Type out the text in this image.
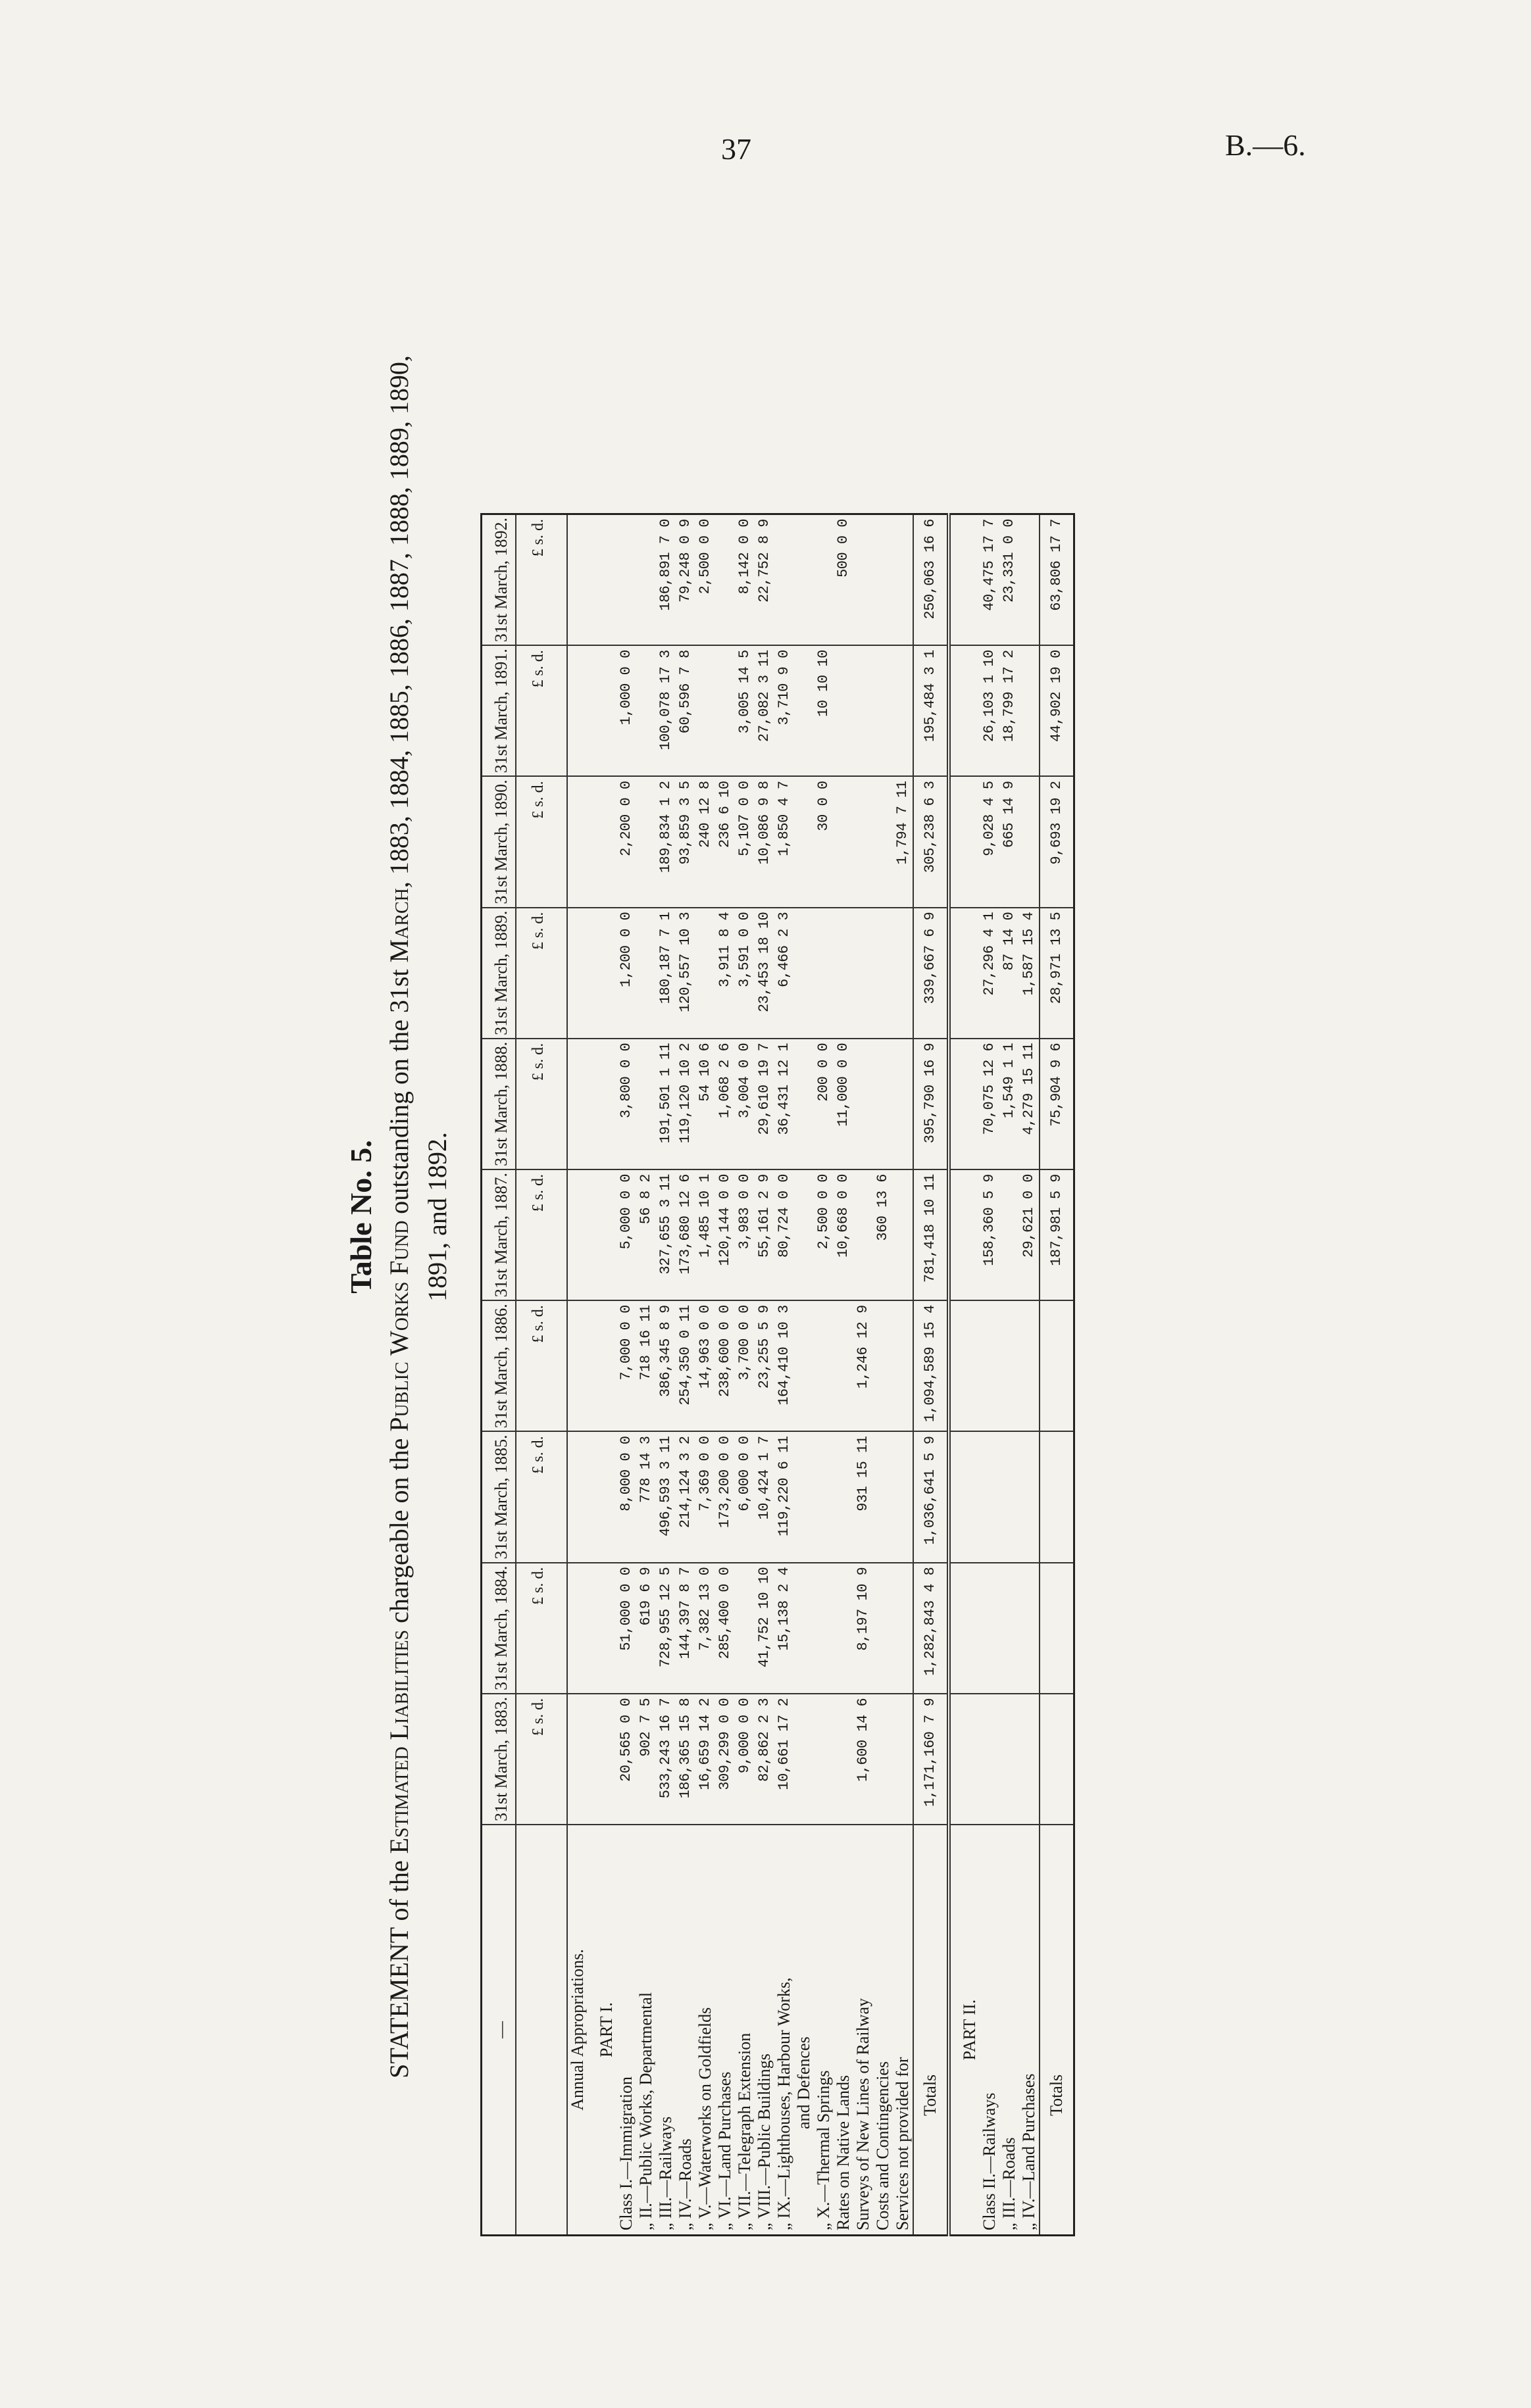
37	B.—6.
Table No. 5.
STATEMENT of the Estimated Liabilities chargeable on the Public Works Fund outstanding on the 31st March, 1883, 1884, 1885, 1886, 1887, 1888, 1889, 1890,
1891, and 1892.
—	31st March, 1883.	31st March, 1884.	31st March, 1885.	31st March, 1886.	31st March, 1887.	31st March, 1888.	31st March, 1889.	31st March, 1890.	31st March, 1891.	31st March, 1892.
	£ s. d.	£ s. d.	£ s. d.	£ s. d.	£ s. d.	£ s. d.	£ s. d.	£ s. d.	£ s. d.	£ s. d.
Annual Appropriations.										
PART I.										
Class I.—Immigration	20,565 0 0	51,000 0 0	8,000 0 0	7,000 0 0	5,000 0 0	3,800 0 0	1,200 0 0	2,200 0 0	1,000 0 0	
„ II.—Public Works, Departmental	902 7 5	619 6 9	778 14 3	718 16 11	56 8 2					
„ III.—Railways	533,243 16 7	728,955 12 5	496,593 3 11	386,345 8 9	327,655 3 11	191,501 1 11	180,187 7 1	189,834 1 2	100,078 17 3	186,891 7 0
„ IV.—Roads	186,365 15 8	144,397 8 7	214,124 3 2	254,350 0 11	173,680 12 6	119,120 10 2	120,557 10 3	93,859 3 5	60,596 7 8	79,248 0 9
„ V.—Waterworks on Goldfields	16,659 14 2	7,382 13 0	7,369 0 0	14,963 0 0	1,485 10 1	54 10 6		240 12 8		2,500 0 0
„ VI.—Land Purchases	309,299 0 0	285,400 0 0	173,200 0 0	238,600 0 0	120,144 0 0	1,068 2 6	3,911 8 4	236 6 10		
„ VII.—Telegraph Extension	9,000 0 0		6,000 0 0	3,700 0 0	3,983 0 0	3,004 0 0	3,591 0 0	5,107 0 0	3,005 14 5	8,142 0 0
„ VIII.—Public Buildings	82,862 2 3	41,752 10 10	10,424 1 7	23,255 5 9	55,161 2 9	29,610 19 7	23,453 18 10	10,086 9 8	27,082 3 11	22,752 8 9
„ IX.—Lighthouses, Harbour Works,	10,661 17 2	15,138 2 4	119,220 6 11	164,410 10 3	80,724 0 0	36,431 12 1	6,466 2 3	1,850 4 7	3,710 9 0	
and Defences										
„ X.—Thermal Springs					2,500 0 0	200 0 0		30 0 0	10 10 10	
Rates on Native Lands					10,668 0 0	11,000 0 0				500 0 0
Surveys of New Lines of Railway	1,600 14 6	8,197 10 9	931 15 11	1,246 12 9						
Costs and Contingencies					360 13 6					
Services not provided for								1,794 7 11		
Totals	1,171,160 7 9	1,282,843 4 8	1,036,641 5 9	1,094,589 15 4	781,418 10 11	395,790 16 9	339,667 6 9	305,238 6 3	195,484 3 1	250,063 16 6
PART II.										
Class II.—Railways					158,360 5 9	70,075 12 6	27,296 4 1	9,028 4 5	26,103 1 10	40,475 17 7
„ III.—Roads						1,549 1 1	87 14 0	665 14 9	18,799 17 2	23,331 0 0
„ IV.—Land Purchases					29,621 0 0	4,279 15 11	1,587 15 4			
Totals					187,981 5 9	75,904 9 6	28,971 13 5	9,693 19 2	44,902 19 0	63,806 17 7
